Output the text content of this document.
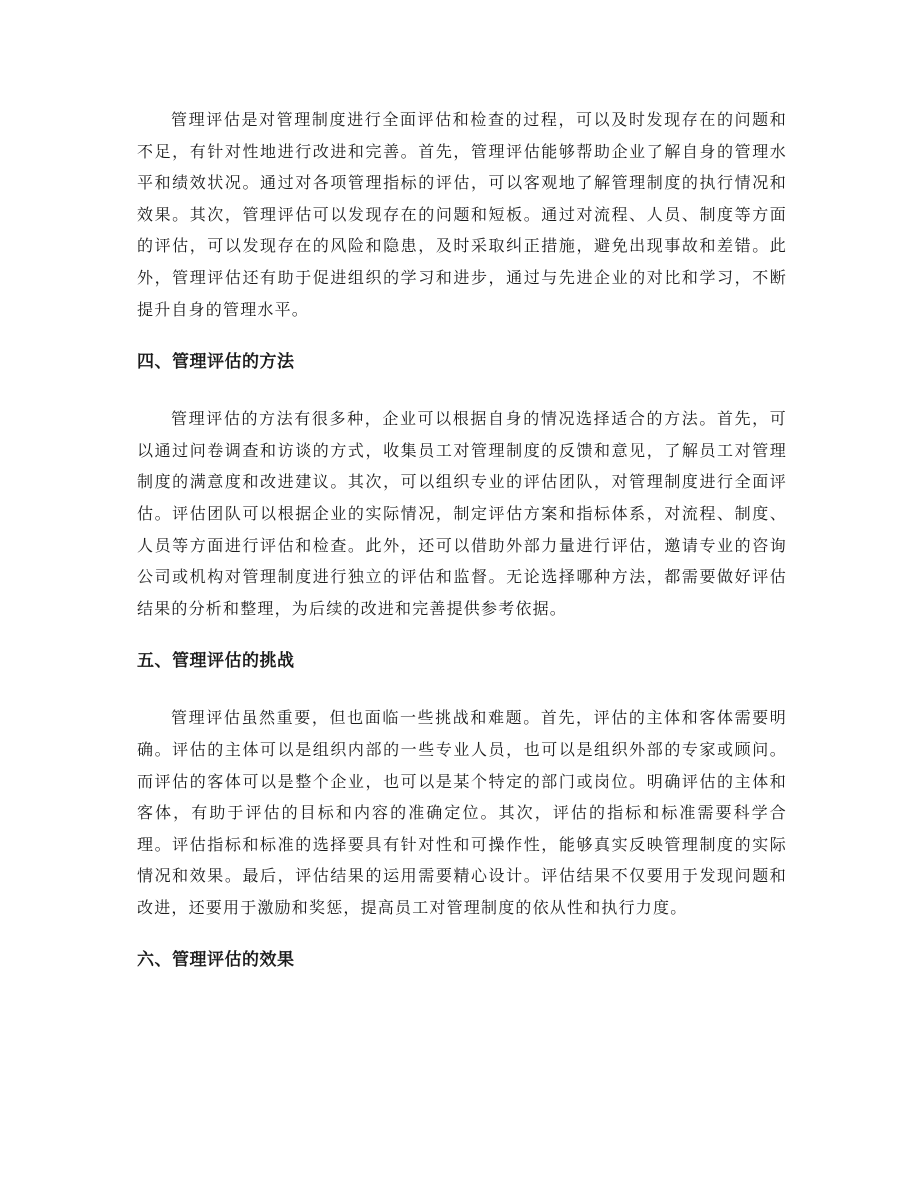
管理评估是对管理制度进行全面评估和检查的过程，可以及时发现存在的问题和不足，有针对性地进行改进和完善。首先，管理评估能够帮助企业了解自身的管理水平和绩效状况。通过对各项管理指标的评估，可以客观地了解管理制度的执行情况和效果。其次，管理评估可以发现存在的问题和短板。通过对流程、人员、制度等方面的评估，可以发现存在的风险和隐患，及时采取纠正措施，避免出现事故和差错。此外，管理评估还有助于促进组织的学习和进步，通过与先进企业的对比和学习，不断提升自身的管理水平。

四、管理评估的方法

管理评估的方法有很多种，企业可以根据自身的情况选择适合的方法。首先，可以通过问卷调查和访谈的方式，收集员工对管理制度的反馈和意见，了解员工对管理制度的满意度和改进建议。其次，可以组织专业的评估团队，对管理制度进行全面评估。评估团队可以根据企业的实际情况，制定评估方案和指标体系，对流程、制度、人员等方面进行评估和检查。此外，还可以借助外部力量进行评估，邀请专业的咨询公司或机构对管理制度进行独立的评估和监督。无论选择哪种方法，都需要做好评估结果的分析和整理，为后续的改进和完善提供参考依据。

五、管理评估的挑战

管理评估虽然重要，但也面临一些挑战和难题。首先，评估的主体和客体需要明确。评估的主体可以是组织内部的一些专业人员，也可以是组织外部的专家或顾问。而评估的客体可以是整个企业，也可以是某个特定的部门或岗位。明确评估的主体和客体，有助于评估的目标和内容的准确定位。其次，评估的指标和标准需要科学合理。评估指标和标准的选择要具有针对性和可操作性，能够真实反映管理制度的实际情况和效果。最后，评估结果的运用需要精心设计。评估结果不仅要用于发现问题和改进，还要用于激励和奖惩，提高员工对管理制度的依从性和执行力度。

六、管理评估的效果
